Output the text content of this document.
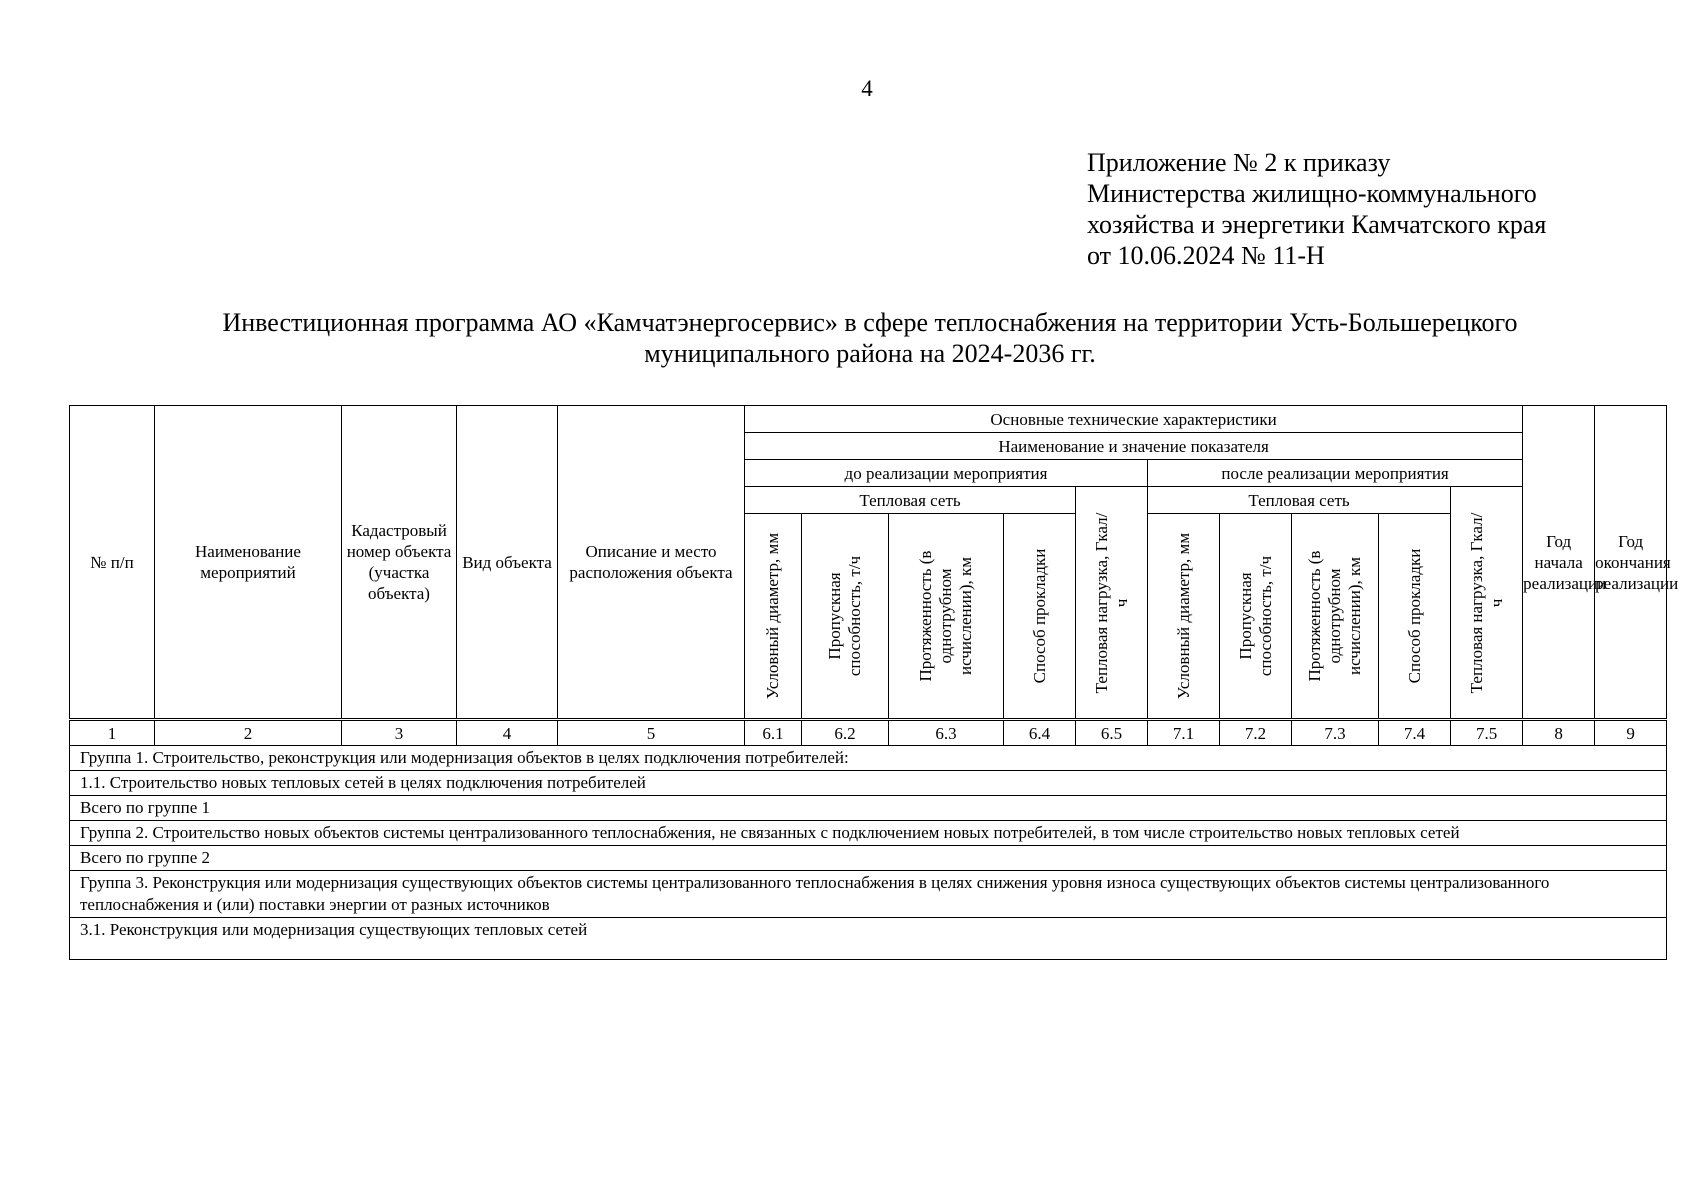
4
Приложение № 2 к приказу
Министерства жилищно-коммунального
хозяйства и энергетики Камчатского края
от 10.06.2024 № 11-Н
Инвестиционная программа АО «Камчатэнергосервис» в сфере теплоснабжения на территории Усть-Большерецкого
муниципального района на 2024-2036 гг.
№ п/п	Наименование мероприятий	Кадастровый номер объекта (участка объекта)	Вид объекта	Описание и место расположения объекта	Основные технические характеристики										Год начала реализации	Год окончания реализации
					Наименование и значение показателя											
					до реализации мероприятия					после реализации мероприятия						
					Тепловая сеть				Тепловая нагрузка, Гкал/ч	Тепловая сеть				Тепловая нагрузка, Гкал/ч		

					Условный диаметр, мм	Пропускная способность, т/ч	Протяженность (в однотрубном исчислении), км	Способ прокладки		Условный диаметр, мм	Пропускная способность, т/ч	Протяженность (в однотрубном исчислении), км	Способ прокладки			

1	2	3	4	5	6.1	6.2	6.3	6.4	6.5	7.1	7.2	7.3	7.4	7.5	8	9
Группа 1. Строительство, реконструкция или модернизация объектов в целях подключения потребителей:																
1.1. Строительство новых тепловых сетей в целях подключения потребителей																
Всего по группе 1																
Группа 2. Строительство новых объектов системы централизованного теплоснабжения, не связанных с подключением новых потребителей, в том числе строительство новых тепловых сетей																
Всего по группе 2																
Группа 3. Реконструкция или модернизация существующих объектов системы централизованного теплоснабжения в целях снижения уровня износа существующих объектов системы централизованного теплоснабжения и (или) поставки энергии от разных источников																
3.1. Реконструкция или модернизация существующих тепловых сетей																
